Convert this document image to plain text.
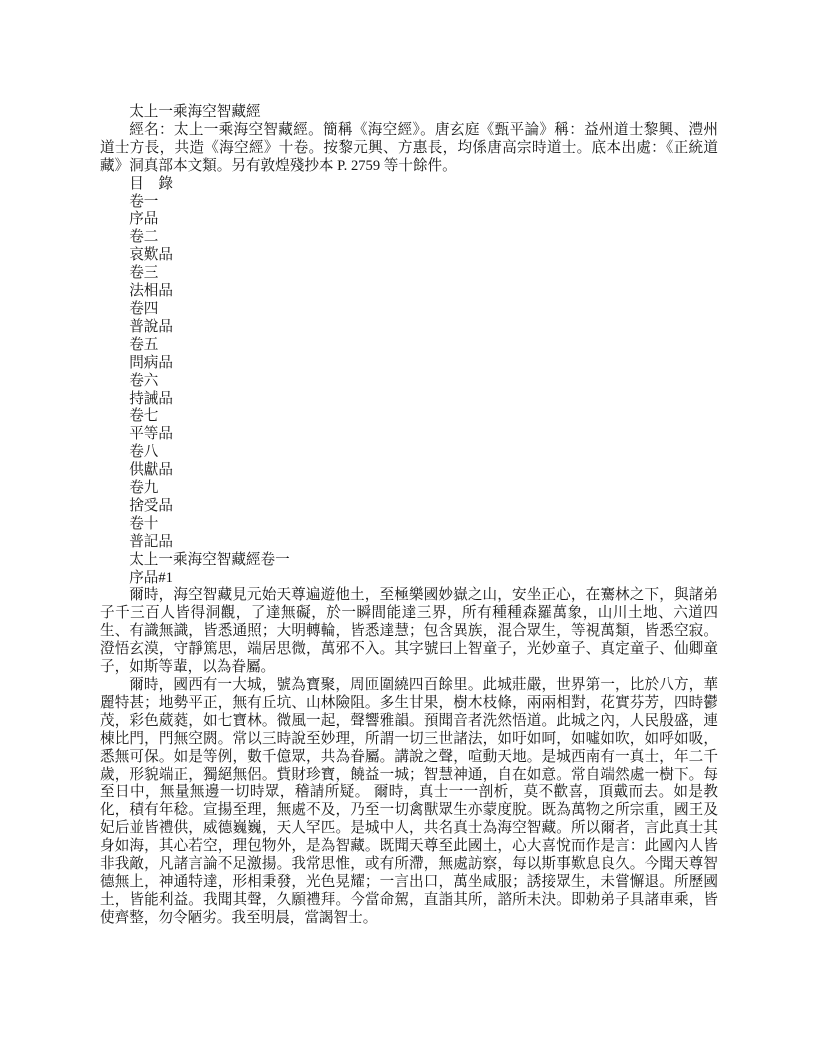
太上一乘海空智藏經

經名：太上一乘海空智藏經。簡稱《海空經》。唐玄庭《甄平論》稱：益州道士黎興、澧州道士方長，共造《海空經》十卷。按黎元興、方惠長，均係唐高宗時道士。底本出處：《正統道藏》洞真部本文類。另有敦煌殘抄本 P. 2759 等十餘件。

目　錄

卷一

序品

卷二

哀歎品

卷三

法相品

卷四

普說品

卷五

問病品

卷六

持誡品

卷七

平等品

卷八

供獻品

卷九

捨受品

卷十

普記品

太上一乘海空智藏經卷一

序品#1

爾時，海空智藏見元始天尊遍遊他土，至極樂國妙嶽之山，安坐正心，在騫林之下，與諸弟子千三百人皆得洞觀，了達無礙，於一瞬間能達三界，所有種種森羅萬象，山川土地、六道四生、有識無識，皆悉通照；大明轉輪，皆悉達慧；包含異族，混合眾生，等視萬類，皆悉空寂。澄悟玄漠，守靜篤思，端居思微，萬邪不入。其字號曰上智童子，光妙童子、真定童子、仙卿童子，如斯等輩，以為眷屬。

爾時，國西有一大城，號為寶聚，周匝圍繞四百餘里。此城莊嚴，世界第一，比於八方，華麗特甚；地勢平正，無有丘坑、山林險阻。多生甘果，樹木枝條，兩兩相對，花實芬芳，四時鬱茂，彩色葳蕤，如七寶林。微風一起，聲響雅韻。預聞音者洗然悟道。此城之內，人民殷盛，連棟比門，門無空閼。常以三時說至妙理，所謂一切三世諸法，如吁如呵，如噓如吹，如呼如吸，悉無可保。如是等例，數千億眾，共為眷屬。講說之聲，喧動天地。是城西南有一真士，年二千歲，形貌端正，獨絕無侶。貲財珍寶，饒益一城；智慧神通，自在如意。常自端然處一樹下。每至日中，無量無邊一切時眾，稽請所疑。 爾時，真士一一剖析，莫不歡喜，頂戴而去。如是教化，積有年稔。宣揚至理，無處不及，乃至一切禽獸眾生亦蒙度脫。既為萬物之所宗重，國王及妃后並皆禮供，威德巍巍，天人罕匹。是城中人，共名真士為海空智藏。所以爾者，言此真士其身如海，其心若空，理包物外，是為智藏。既聞天尊至此國土，心大喜悅而作是言：此國內人皆非我敵，凡諸言論不足激揚。我常思惟，或有所滯，無處訪察，每以斯事歎息良久。今聞天尊智德無上，神通特達，形相秉發，光色晃耀；一言出口，萬坐咸服；誘接眾生，未嘗懈退。所歷國土，皆能利益。我聞其聲，久願禮拜。今當命駕，直詣其所，諮所未決。即勅弟子具諸車乘，皆使齊整，勿令陋劣。我至明晨，當謁智士。
